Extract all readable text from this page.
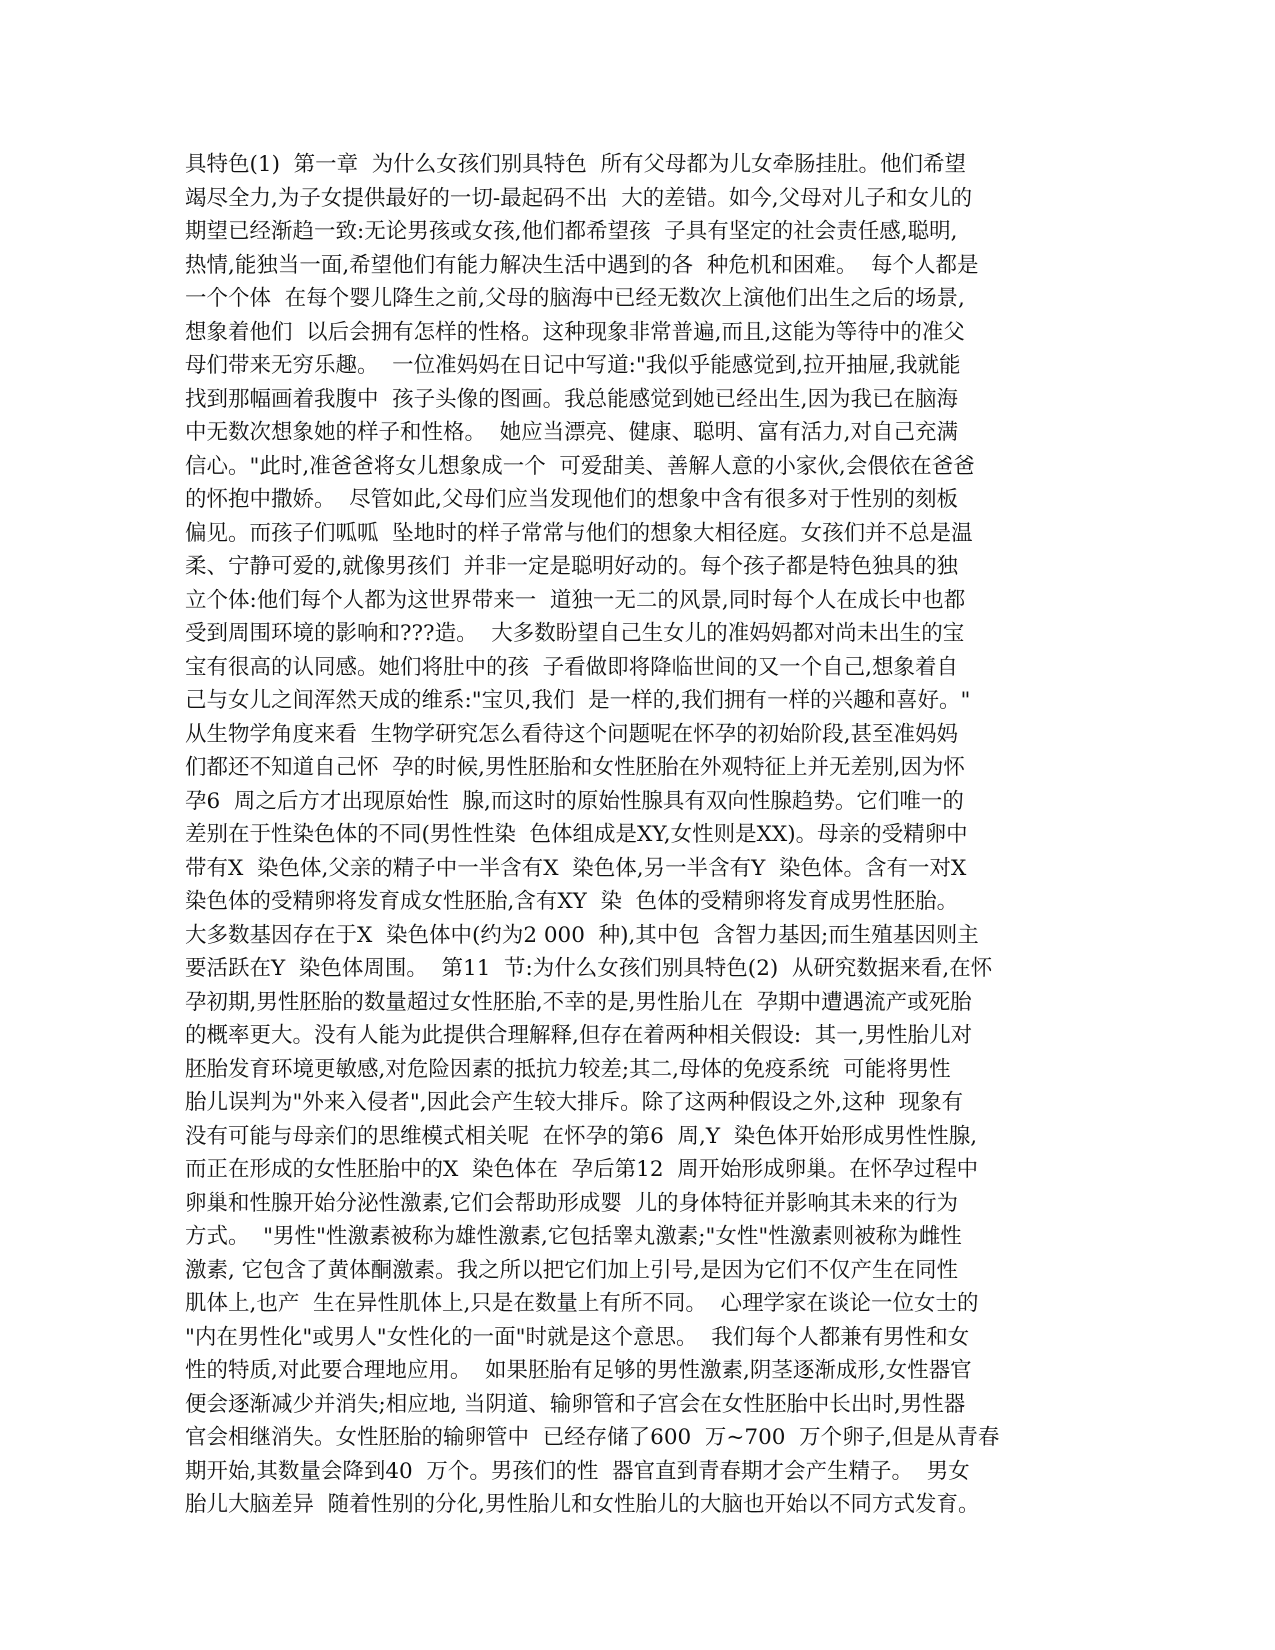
具特色(1)  第一章  为什么女孩们别具特色  所有父母都为儿女牵肠挂肚。他们希望
竭尽全力,为子女提供最好的一切-最起码不出  大的差错。如今,父母对儿子和女儿的
期望已经渐趋一致:无论男孩或女孩,他们都希望孩  子具有坚定的社会责任感,聪明,
热情,能独当一面,希望他们有能力解决生活中遇到的各  种危机和困难。  每个人都是
一个个体  在每个婴儿降生之前,父母的脑海中已经无数次上演他们出生之后的场景,
想象着他们  以后会拥有怎样的性格。这种现象非常普遍,而且,这能为等待中的准父
母们带来无穷乐趣。  一位准妈妈在日记中写道:"我似乎能感觉到,拉开抽屉,我就能
找到那幅画着我腹中  孩子头像的图画。我总能感觉到她已经出生,因为我已在脑海
中无数次想象她的样子和性格。  她应当漂亮、健康、聪明、富有活力,对自己充满
信心。"此时,准爸爸将女儿想象成一个  可爱甜美、善解人意的小家伙,会偎依在爸爸
的怀抱中撒娇。  尽管如此,父母们应当发现他们的想象中含有很多对于性别的刻板
偏见。而孩子们呱呱  坠地时的样子常常与他们的想象大相径庭。女孩们并不总是温
柔、宁静可爱的,就像男孩们  并非一定是聪明好动的。每个孩子都是特色独具的独
立个体:他们每个人都为这世界带来一  道独一无二的风景,同时每个人在成长中也都
受到周围环境的影响和???造。  大多数盼望自己生女儿的准妈妈都对尚未出生的宝
宝有很高的认同感。她们将肚中的孩  子看做即将降临世间的又一个自己,想象着自
己与女儿之间浑然天成的维系:"宝贝,我们  是一样的,我们拥有一样的兴趣和喜好。"
从生物学角度来看  生物学研究怎么看待这个问题呢在怀孕的初始阶段,甚至准妈妈
们都还不知道自己怀  孕的时候,男性胚胎和女性胚胎在外观特征上并无差别,因为怀
孕6  周之后方才出现原始性  腺,而这时的原始性腺具有双向性腺趋势。它们唯一的
差别在于性染色体的不同(男性性染  色体组成是XY,女性则是XX)。母亲的受精卵中
带有X  染色体,父亲的精子中一半含有X  染色体,另一半含有Y  染色体。含有一对X
染色体的受精卵将发育成女性胚胎,含有XY  染  色体的受精卵将发育成男性胚胎。
大多数基因存在于X  染色体中(约为2 000  种),其中包  含智力基因;而生殖基因则主
要活跃在Y  染色体周围。  第11  节:为什么女孩们别具特色(2)  从研究数据来看,在怀
孕初期,男性胚胎的数量超过女性胚胎,不幸的是,男性胎儿在  孕期中遭遇流产或死胎
的概率更大。没有人能为此提供合理解释,但存在着两种相关假设:  其一,男性胎儿对
胚胎发育环境更敏感,对危险因素的抵抗力较差;其二,母体的免疫系统  可能将男性
胎儿误判为"外来入侵者",因此会产生较大排斥。除了这两种假设之外,这种  现象有
没有可能与母亲们的思维模式相关呢  在怀孕的第6  周,Y  染色体开始形成男性性腺,
而正在形成的女性胚胎中的X  染色体在  孕后第12  周开始形成卵巢。在怀孕过程中
卵巢和性腺开始分泌性激素,它们会帮助形成婴  儿的身体特征并影响其未来的行为
方式。  "男性"性激素被称为雄性激素,它包括睾丸激素;"女性"性激素则被称为雌性
激素, 它包含了黄体酮激素。我之所以把它们加上引号,是因为它们不仅产生在同性
肌体上,也产  生在异性肌体上,只是在数量上有所不同。  心理学家在谈论一位女士的
"内在男性化"或男人"女性化的一面"时就是这个意思。  我们每个人都兼有男性和女
性的特质,对此要合理地应用。  如果胚胎有足够的男性激素,阴茎逐渐成形,女性器官
便会逐渐减少并消失;相应地, 当阴道、输卵管和子宫会在女性胚胎中长出时,男性器
官会相继消失。女性胚胎的输卵管中  已经存储了600  万~700  万个卵子,但是从青春
期开始,其数量会降到40  万个。男孩们的性  器官直到青春期才会产生精子。  男女
胎儿大脑差异  随着性别的分化,男性胎儿和女性胎儿的大脑也开始以不同方式发育。
